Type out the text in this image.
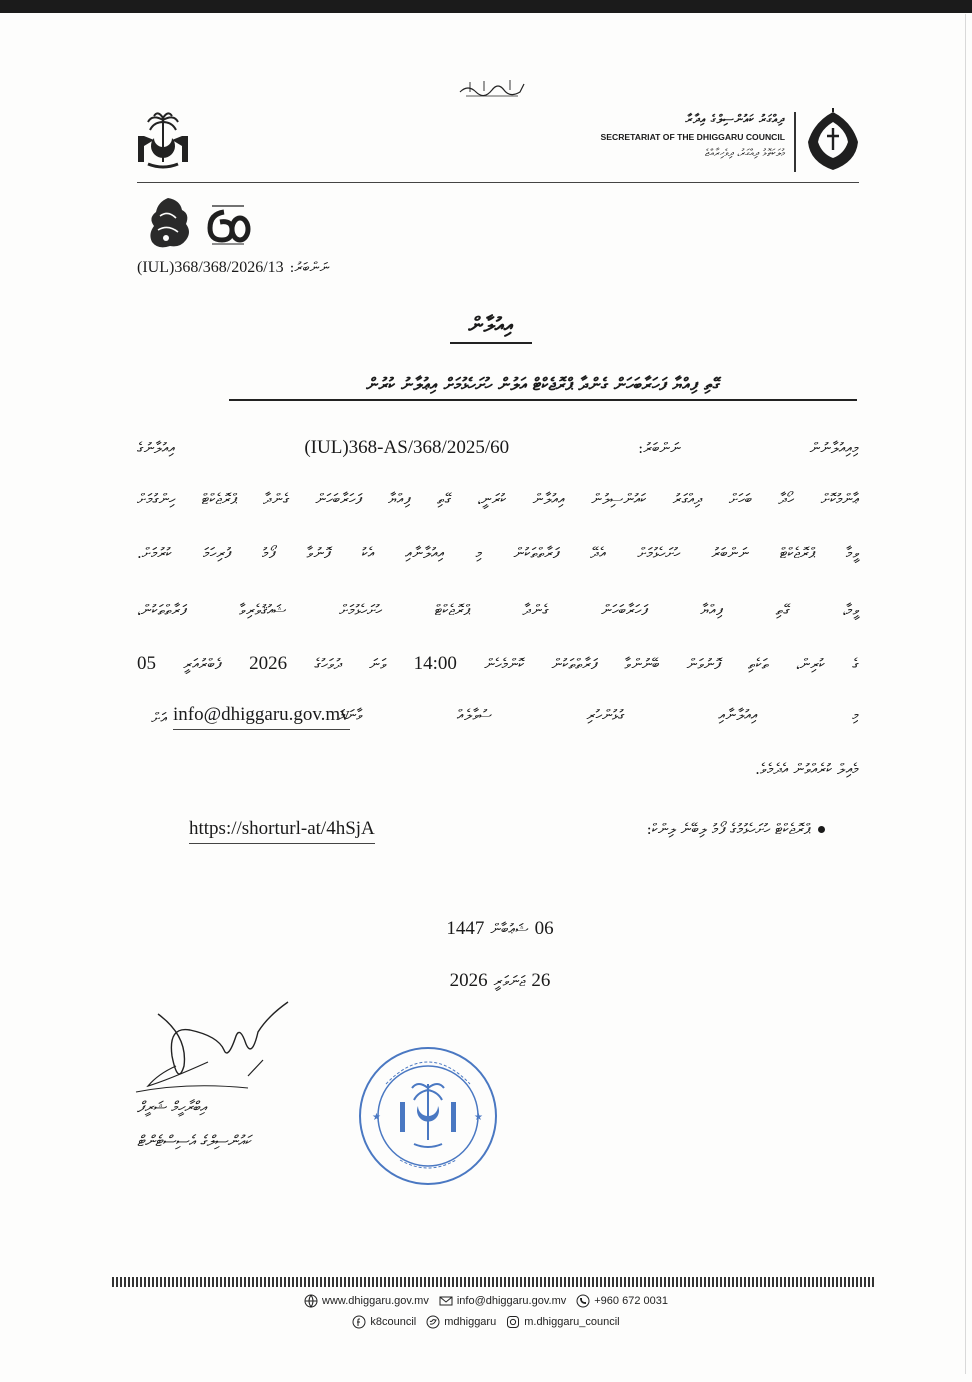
ދިއްގަރު ކައުންސިލްގެ އިދާރާ
SECRETARIAT OF THE DHIGGARU COUNCIL
މުލަކަތޮޅު ދިއްގަރު، ދިވެހިރާއްޖެ
(IUL)368/368/2026/13 ނަންބަރު:
އިއުލާން
ގޭތި ފިއްޔާ ފަހަރާބަހަން ގެންދާ ޕްރޮޖެކްޓް އަލުން ހުށަހެޅުމަށް އިޢުލާނު ކުރުން
އިއުލާނުގެ	(IUL)368-AS/368/2025/60	ނަންބަރު:	މިއިއުލާނުން
ޢާންމުކޮށް ހޯދާ ބަހަށް ދިއްގަރު ކައުންސިލުން އިއުލާން ކުރަނީ، ގޭތި ފިއްޔާ ފަހަރާބަހަން ގެންދާ ޕްރޮޖެކްޓް ހިންގުމަށް
ވީމާ ޕްރޮޖެކްޓް ނަންބަރު ހުށަހެޅުމަށް އެދޭ ފަރާތްތަކުން މި އިއުލާނާއި އެކު ފޮނުވާ ފޯމު ފުރިހަމަ ކުރުމަށް.
ވީމާ، ގޭތި ފިއްޔާ ފަހަރާބަހަން ގެންދާ ޕްރޮޖެކްޓް ހުށަހެޅުމަށް ޝައުޤުވެރިވާ ފަރާތްތަކުން،
ގެ ކުރިން، ތަކެތި ފޮނުވަން ބޭނުންވާ ފަރާތްތަކުން ކޮންމެހެން 14:00 ވަނަ ދުވަހުގެ 2026 ފެބްރުއަރީ 05
މި އިއުލާނާއި ގުޅުންހުރި ސުވާލެއް ވާނަމަ
info@dhiggaru.gov.mv
އަށް
މެއިލް ކުރެއްވުން އެދެމެވެ.
ޕްރޮޖެކްޓް ހުށަހެޅުމުގެ ފޯމު ލިބޭނެ ލިންކް:
https://shorturl-at/4hSjA
1447 ޝަޢުބާން 06
2026 ޖަނަވަރީ 26
އިބްރާހީމް ޝަރީފް
ކައުންސިލްގެ އެސިސްޓެންޓް
★	★
www.dhiggaru.gov.mv	info@dhiggaru.gov.mv	+960 672 0031
k8council	mdhiggaru	m.dhiggaru_council
